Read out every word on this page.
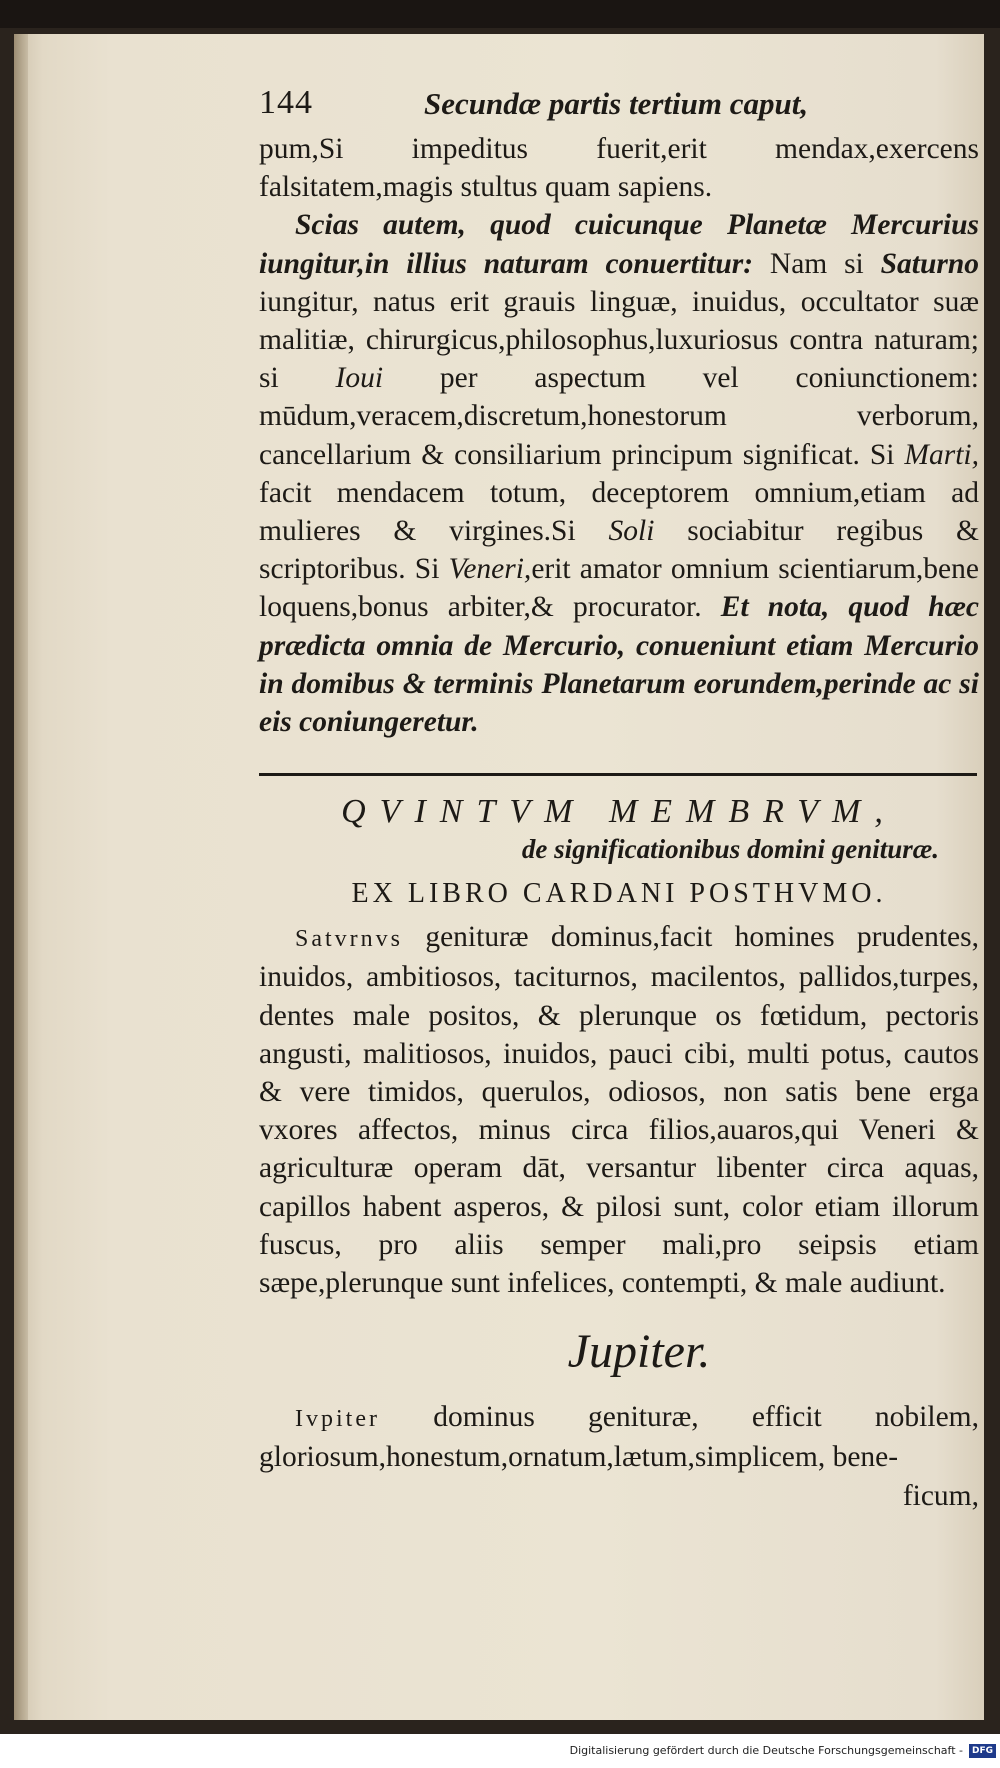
144	Secundæ partis tertium caput,

pum,Si impeditus fuerit,erit mendax,exercens falsitatem,magis stultus quam sapiens.

Scias autem, quod cuicunque Planetæ Mercurius iungitur,in illius naturam conuertitur: Nam si Saturno iungitur, natus erit grauis linguæ, inuidus, occultator suæ malitiæ, chirurgicus,philosophus,luxuriosus contra naturam; si Ioui per aspectum vel coniunctionem: mūdum,veracem,discretum,honestorum verborum, cancellarium & consiliarium principum significat. Si Marti, facit mendacem totum, deceptorem omnium,etiam ad mulieres & virgines.Si Soli sociabitur regibus & scriptoribus. Si Veneri,erit amator omnium scientiarum,bene loquens,bonus arbiter,& procurator. Et nota, quod hæc prædicta omnia de Mercurio, conueniunt etiam Mercurio in domibus & terminis Planetarum eorundem,perinde ac si eis coniungeretur.

QVINTVM MEMBRVM,
de significationibus domini genituræ.
EX LIBRO CARDANI POSTHVMO.

Satvrnvs genituræ dominus,facit homines prudentes, inuidos, ambitiosos, taciturnos, macilentos, pallidos,turpes, dentes male positos, & plerunque os fœtidum, pectoris angusti, malitiosos, inuidos, pauci cibi, multi potus, cautos & vere timidos, querulos, odiosos, non satis bene erga vxores affectos, minus circa filios,auaros,qui Veneri & agriculturæ operam dāt, versantur libenter circa aquas, capillos habent asperos, & pilosi sunt, color etiam illorum fuscus, pro aliis semper mali,pro seipsis etiam sæpe,plerunque sunt infelices, contempti, & male audiunt.

Jupiter.

Ivpiter dominus genituræ, efficit nobilem, gloriosum,honestum,ornatum,lætum,simplicem, bene-

ficum,
Digitalisierung gefördert durch die Deutsche Forschungsgemeinschaft - DFG
